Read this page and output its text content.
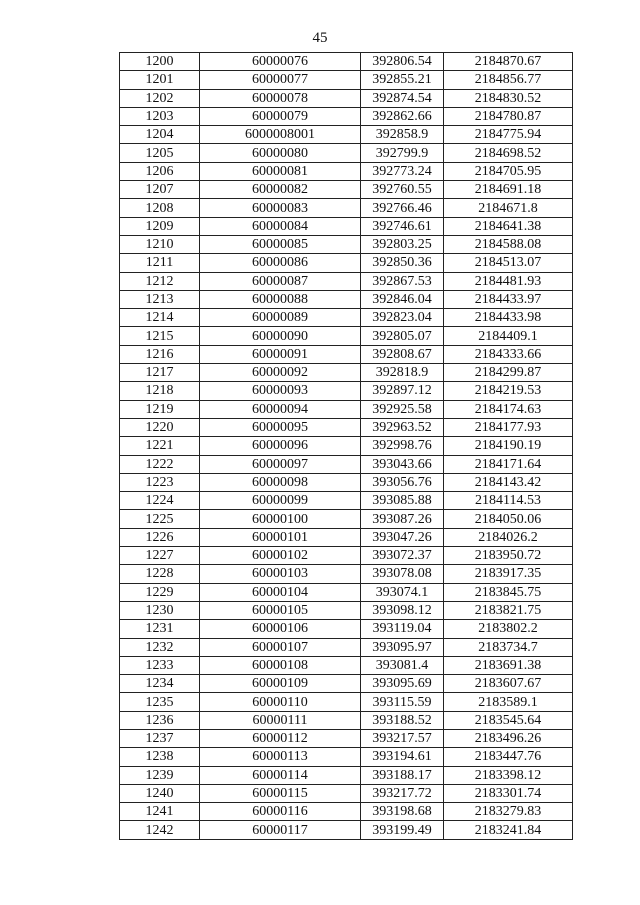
45
1200	60000076	392806.54	2184870.67
1201	60000077	392855.21	2184856.77
1202	60000078	392874.54	2184830.52
1203	60000079	392862.66	2184780.87
1204	6000008001	392858.9	2184775.94
1205	60000080	392799.9	2184698.52
1206	60000081	392773.24	2184705.95
1207	60000082	392760.55	2184691.18
1208	60000083	392766.46	2184671.8
1209	60000084	392746.61	2184641.38
1210	60000085	392803.25	2184588.08
1211	60000086	392850.36	2184513.07
1212	60000087	392867.53	2184481.93
1213	60000088	392846.04	2184433.97
1214	60000089	392823.04	2184433.98
1215	60000090	392805.07	2184409.1
1216	60000091	392808.67	2184333.66
1217	60000092	392818.9	2184299.87
1218	60000093	392897.12	2184219.53
1219	60000094	392925.58	2184174.63
1220	60000095	392963.52	2184177.93
1221	60000096	392998.76	2184190.19
1222	60000097	393043.66	2184171.64
1223	60000098	393056.76	2184143.42
1224	60000099	393085.88	2184114.53
1225	60000100	393087.26	2184050.06
1226	60000101	393047.26	2184026.2
1227	60000102	393072.37	2183950.72
1228	60000103	393078.08	2183917.35
1229	60000104	393074.1	2183845.75
1230	60000105	393098.12	2183821.75
1231	60000106	393119.04	2183802.2
1232	60000107	393095.97	2183734.7
1233	60000108	393081.4	2183691.38
1234	60000109	393095.69	2183607.67
1235	60000110	393115.59	2183589.1
1236	60000111	393188.52	2183545.64
1237	60000112	393217.57	2183496.26
1238	60000113	393194.61	2183447.76
1239	60000114	393188.17	2183398.12
1240	60000115	393217.72	2183301.74
1241	60000116	393198.68	2183279.83
1242	60000117	393199.49	2183241.84
